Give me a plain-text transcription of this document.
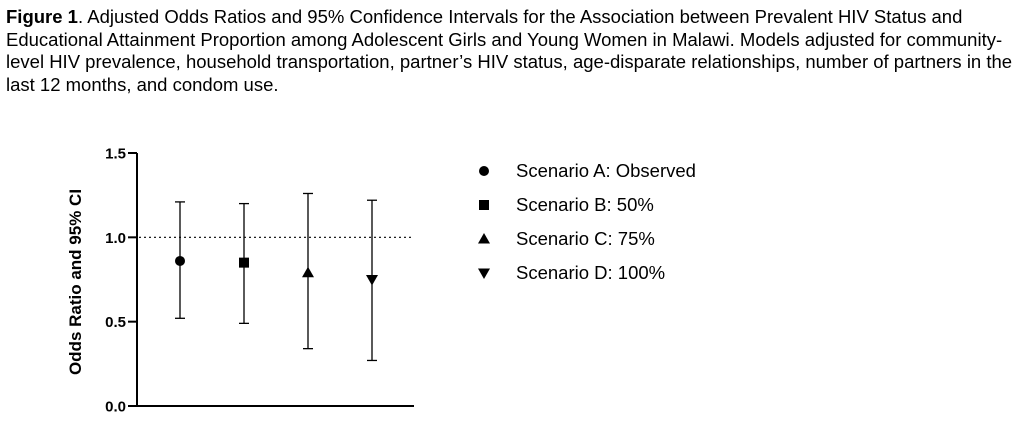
Figure 1. Adjusted Odds Ratios and 95% Confidence Intervals for the Association between Prevalent HIV Status and Educational Attainment Proportion among Adolescent Girls and Young Women in Malawi. Models adjusted for community-level HIV prevalence, household transportation, partner’s HIV status, age-disparate relationships, number of partners in the last 12 months, and condom use.
0.0
0.5
1.0
1.5
Odds Ratio and 95% CI
Scenario A: Observed
Scenario B: 50%
Scenario C: 75%
Scenario D: 100%
